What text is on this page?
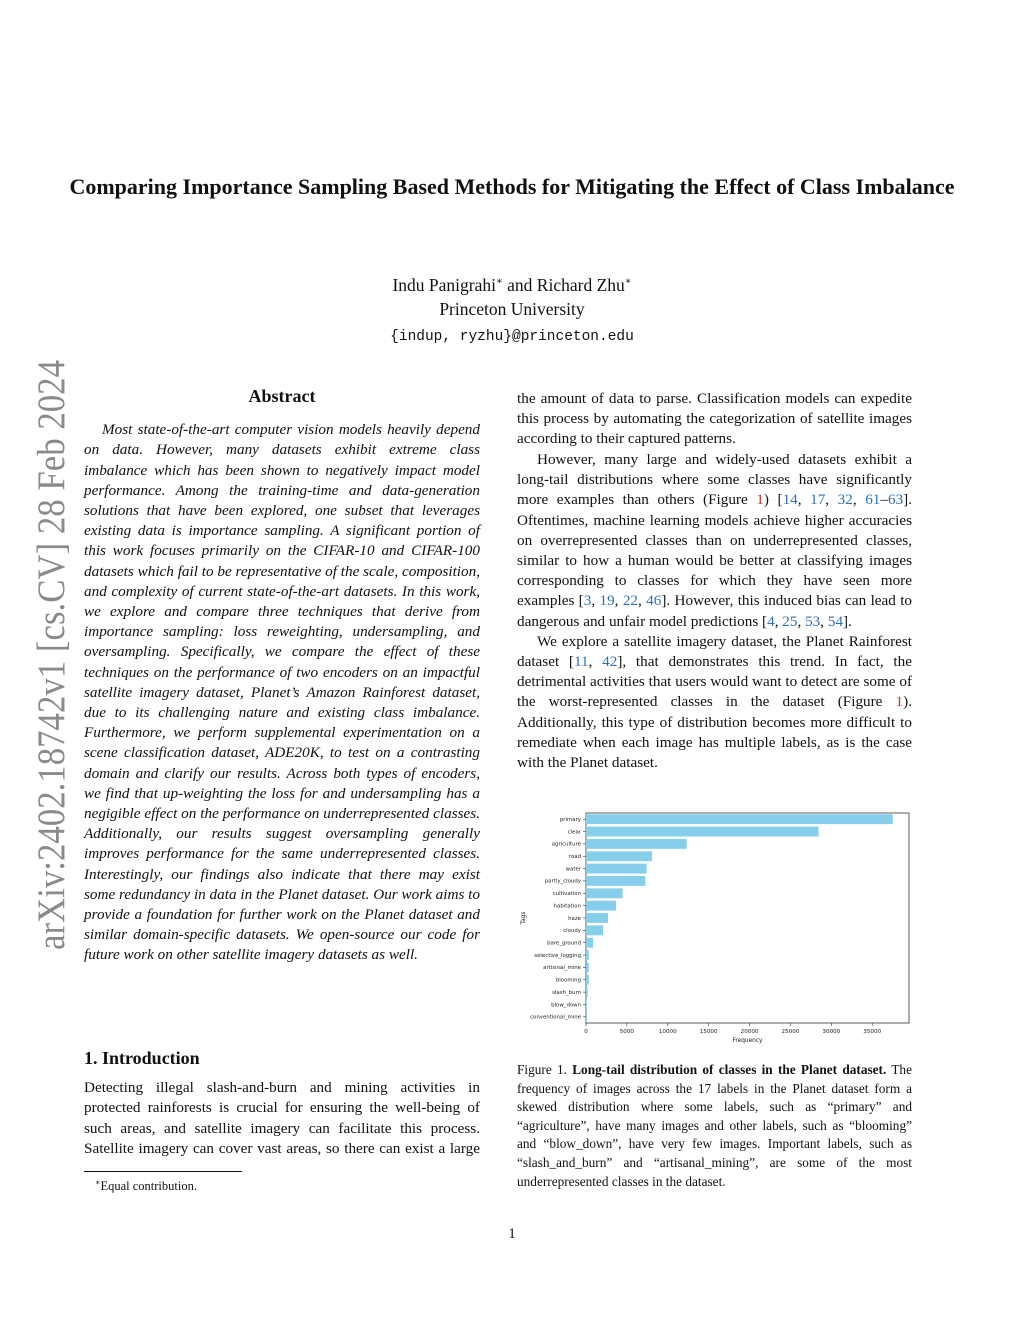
arXiv:2402.18742v1 [cs.CV] 28 Feb 2024
Comparing Importance Sampling Based Methods for Mitigating the Effect of Class Imbalance
Indu Panigrahi∗ and Richard Zhu∗
Princeton University
{indup, ryzhu}@princeton.edu
Abstract

Most state-of-the-art computer vision models heavily depend on data. However, many datasets exhibit extreme class imbalance which has been shown to negatively impact model performance. Among the training-time and data-generation solutions that have been explored, one subset that leverages existing data is importance sampling. A significant portion of this work focuses primarily on the CIFAR-10 and CIFAR-100 datasets which fail to be representative of the scale, composition, and complexity of current state-of-the-art datasets. In this work, we explore and compare three techniques that derive from importance sampling: loss reweighting, undersampling, and oversampling. Specifically, we compare the effect of these techniques on the performance of two encoders on an impactful satellite imagery dataset, Planet’s Amazon Rainforest dataset, due to its challenging nature and existing class imbalance. Furthermore, we perform supplemental experimentation on a scene classification dataset, ADE20K, to test on a contrasting domain and clarify our results. Across both types of encoders, we find that up-weighting the loss for and undersampling has a negigible effect on the performance on underrepresented classes. Additionally, our results suggest oversampling generally improves performance for the same underrepresented classes. Interestingly, our findings also indicate that there may exist some redundancy in data in the Planet dataset. Our work aims to provide a foundation for further work on the Planet dataset and similar domain-specific datasets. We open-source our code for future work on other satellite imagery datasets as well.

1. Introduction

Detecting illegal slash-and-burn and mining activities in protected rainforests is crucial for ensuring the well-being of such areas, and satellite imagery can facilitate this process. Satellite imagery can cover vast areas, so there can exist a large

the amount of data to parse. Classification models can expedite this process by automating the categorization of satellite images according to their captured patterns.

However, many large and widely-used datasets exhibit a long-tail distributions where some classes have significantly more examples than others (Figure 1) [14, 17, 32, 61–63]. Oftentimes, machine learning models achieve higher accuracies on overrepresented classes than on underrepresented classes, similar to how a human would be better at classifying images corresponding to classes for which they have seen more examples [3, 19, 22, 46]. However, this induced bias can lead to dangerous and unfair model predictions [4, 25, 53, 54].

We explore a satellite imagery dataset, the Planet Rainforest dataset [11, 42], that demonstrates this trend. In fact, the detrimental activities that users would want to detect are some of the worst-represented classes in the dataset (Figure 1). Additionally, this type of distribution becomes more difficult to remediate when each image has multiple labels, as is the case with the Planet dataset.

primary
clear
agriculture
road
water
partly_cloudy
cultivation
habitation
haze
cloudy
bare_ground
selective_logging
artisinal_mine
blooming
slash_burn
blow_down
conventional_mine
0	5000	10000	15000	20000	25000	30000	35000
Frequency
Tags
Figure 1. Long-tail distribution of classes in the Planet dataset. The frequency of images across the 17 labels in the Planet dataset form a skewed distribution where some labels, such as “primary” and “agriculture”, have many images and other labels, such as “blooming” and “blow_down”, have very few images. Important labels, such as “slash_and_burn” and “artisanal_mining”, are some of the most underrepresented classes in the dataset.
∗Equal contribution.
1
